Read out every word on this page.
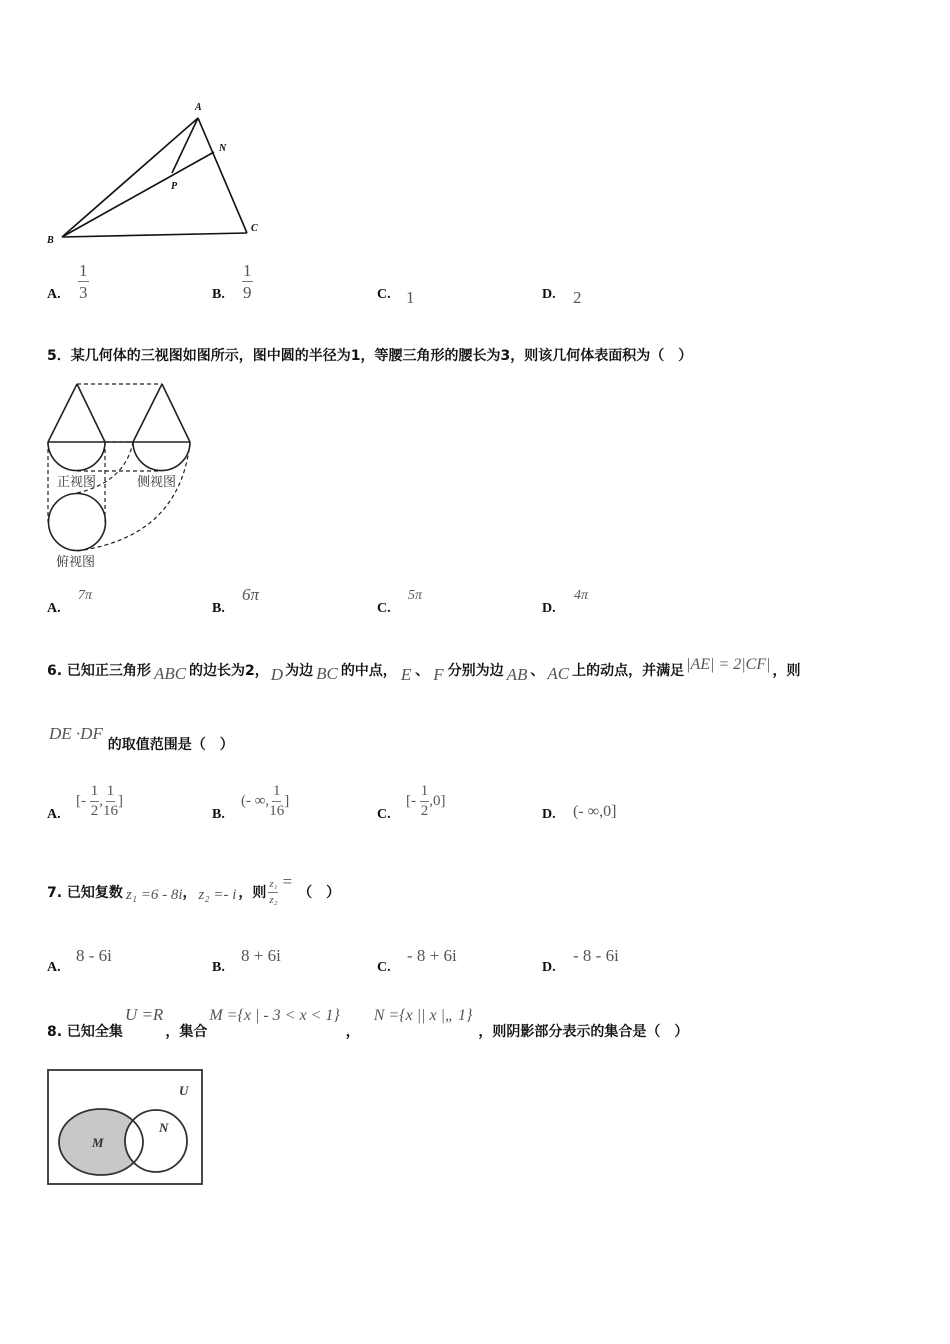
A
N
P
B
C
A. $\frac{1}{3}$	B. $\frac{1}{9}$	C. 1	D. 2
5．某几何体的三视图如图所示，图中圆的半径为1，等腰三角形的腰长为3，则该几何体表面积为（　）
正视图	侧视图
俯视图
A.
7π
B.
6π
C.
5π
D.
4π
6. 已知正三角形 ABC 的边长为2， D 为边 BC 的中点， E 、 F 分别为边 AB 、 AC 上的动点，并满足 |AE| = 2|CF| ，则
DE ·DF 的取值范围是（　）
A.
[- $\frac{1}{2}$ , $\frac{1}{16}$ ]
B.
(- ∞, $\frac{1}{16}$ ]
C.
[- $\frac{1}{2} ,0$]
D. (- ∞,0]
7. 已知复数 z₁ =6 - 8i ， z₂ =- i ，则 $\frac{\text{z₁}}{\text{z₂}}$ =
（　）
A.
8 - 6i
B.
8 + 6i
C.
- 8 + 6i
D.
- 8 - 6i
8. 已知全集
U =R
，集合
M ={x | - 3 < x < 1}
，
N ={x || x |„ 1}
，则阴影部分表示的集合是（　）
U
M
N
